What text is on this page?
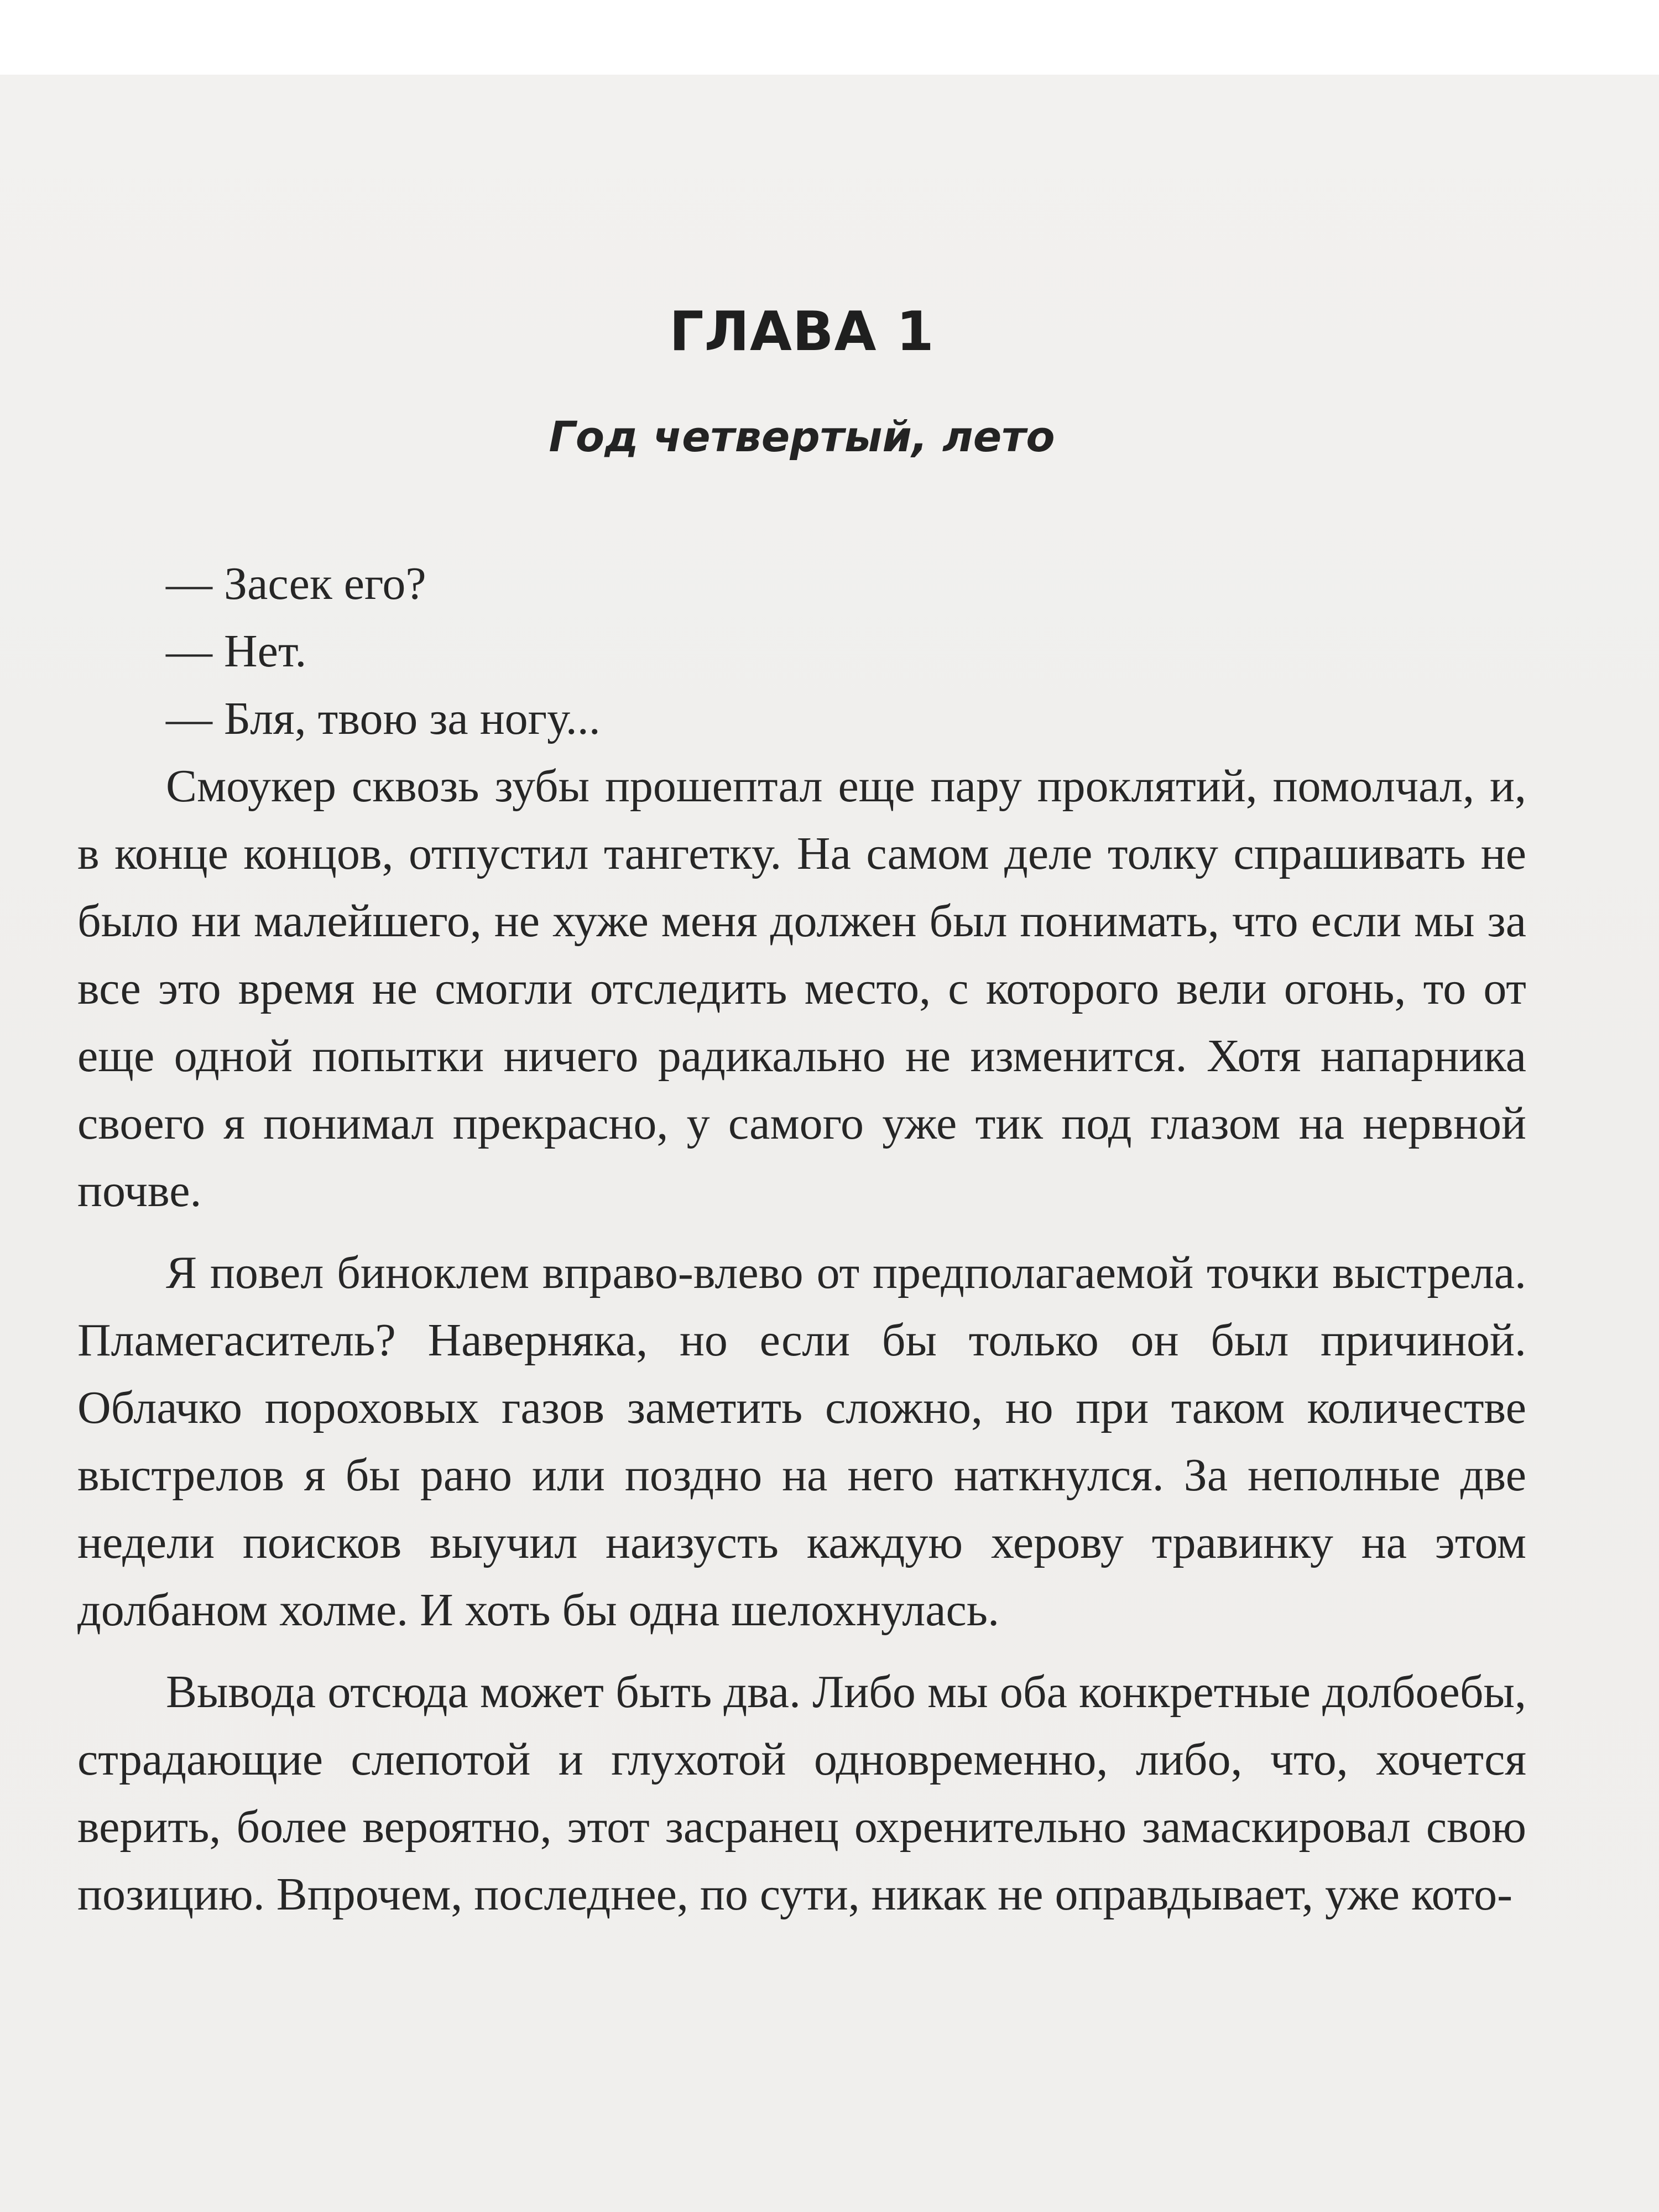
ГЛАВА 1
Год четвертый, лето

— Засек его?

— Нет.

— Бля, твою за ногу...

Смоукер сквозь зубы прошептал еще пару проклятий, помолчал, и, в конце концов, отпустил тангетку. На самом деле толку спрашивать не было ни малейшего, не хуже меня должен был понимать, что если мы за все это время не смогли отследить место, с которого вели огонь, то от еще одной попытки ничего радикально не изменится. Хотя напарника своего я понимал прекрасно, у самого уже тик под глазом на нервной почве.

Я повел биноклем вправо-влево от предполагаемой точки выстрела. Пламегаситель? Наверняка, но если бы только он был причиной. Облачко пороховых газов заметить сложно, но при таком количестве выстрелов я бы рано или поздно на него наткнулся. За неполные две недели поисков выучил наизусть каждую херову травинку на этом долбаном холме. И хоть бы одна шелохнулась.

Вывода отсюда может быть два. Либо мы оба конкретные долбоебы, страдающие слепотой и глухотой одновременно, либо, что, хочется верить, более вероятно, этот засранец охренительно замаскировал свою позицию. Впрочем, последнее, по сути, никак не оправдывает, уже кото-
